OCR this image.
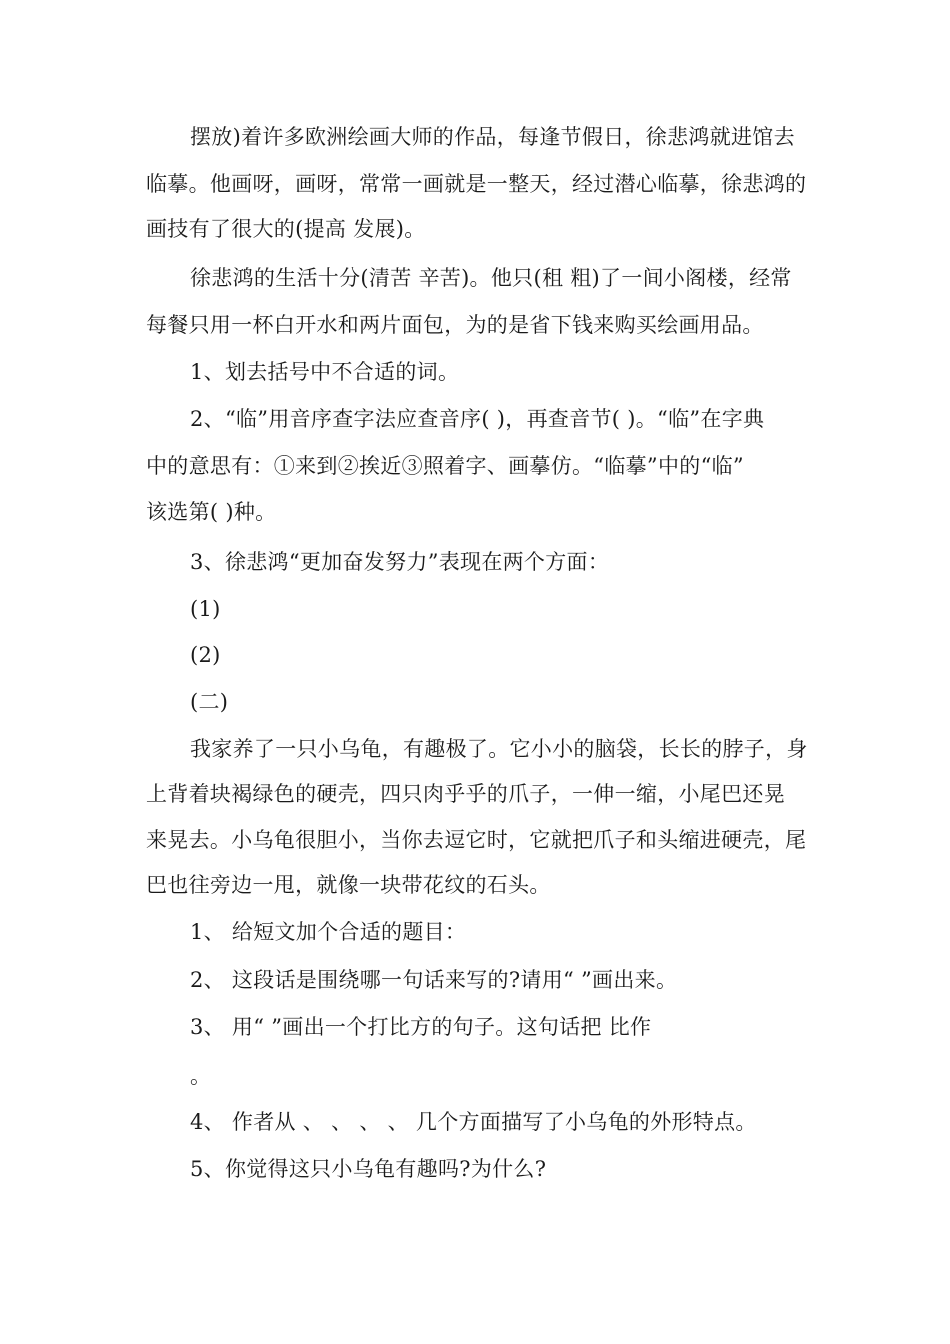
摆放)着许多欧洲绘画大师的作品，每逢节假日，徐悲鸿就进馆去
临摹。他画呀，画呀，常常一画就是一整天，经过潜心临摹，徐悲鸿的
画技有了很大的(提高 发展)。
徐悲鸿的生活十分(清苦 辛苦)。他只(租 粗)了一间小阁楼，经常
每餐只用一杯白开水和两片面包，为的是省下钱来购买绘画用品。
1、划去括号中不合适的词。
2、“临”用音序查字法应查音序( )，再查音节( )。“临”在字典
中的意思有：①来到②挨近③照着字、画摹仿。“临摹”中的“临”
该选第( )种。
3、徐悲鸿“更加奋发努力”表现在两个方面：
(1)
(2)
(二)
我家养了一只小乌龟，有趣极了。它小小的脑袋，长长的脖子，身
上背着块褐绿色的硬壳，四只肉乎乎的爪子，一伸一缩，小尾巴还晃
来晃去。小乌龟很胆小，当你去逗它时，它就把爪子和头缩进硬壳，尾
巴也往旁边一甩，就像一块带花纹的石头。
1、 给短文加个合适的题目：
2、 这段话是围绕哪一句话来写的?请用“ ”画出来。
3、 用“ ”画出一个打比方的句子。这句话把 比作
。
4、 作者从 、 、 、 、 几个方面描写了小乌龟的外形特点。
5、你觉得这只小乌龟有趣吗?为什么?
